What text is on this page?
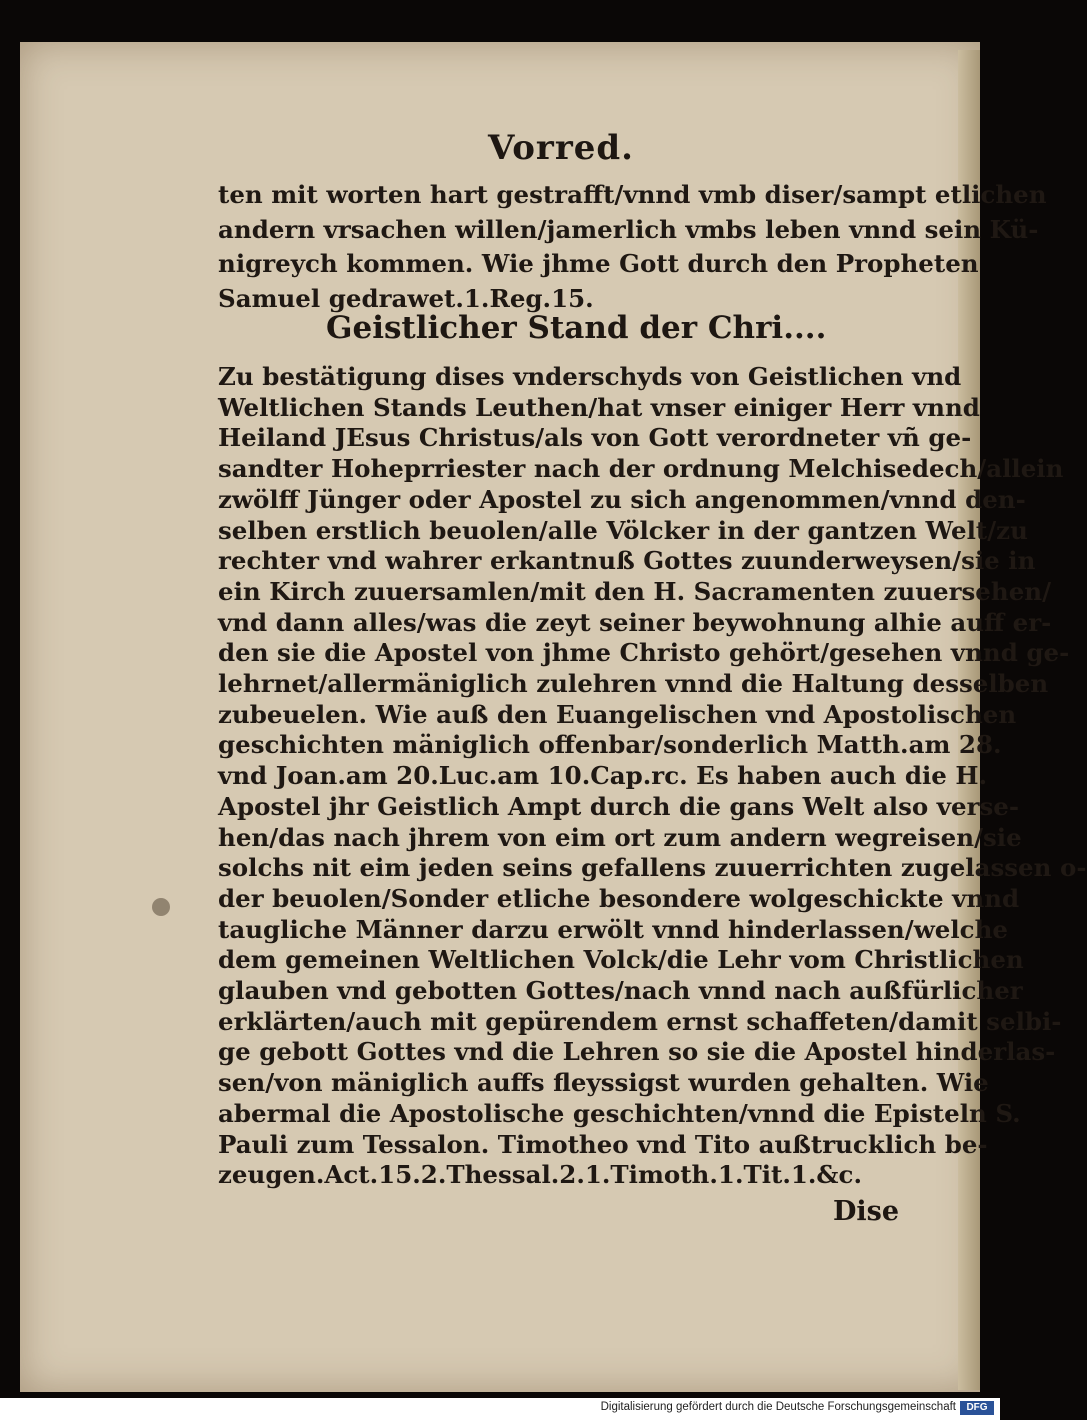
Vorred.
Geistlicher Stand der Chri....
Dise
ten mit worten hart gestrafft/vnnd vmb diser/sampt etlichen
andern vrsachen willen/jamerlich vmbs leben vnnd sein Kü-
nigreych kommen. Wie jhme Gott durch den Propheten
Samuel gedrawet.1.Reg.15.
Zu bestätigung dises vnderschyds von Geistlichen vnd
Weltlichen Stands Leuthen/hat vnser einiger Herr vnnd
Heiland JEsus Christus/als von Gott verordneter vñ ge-
sandter Hoheprriester nach der ordnung Melchisedech/allein
zwölff Jünger oder Apostel zu sich angenommen/vnnd den-
selben erstlich beuolen/alle Völcker in der gantzen Welt/zu
rechter vnd wahrer erkantnuß Gottes zuunderweysen/sie in
ein Kirch zuuersamlen/mit den H. Sacramenten zuuersehen/
vnd dann alles/was die zeyt seiner beywohnung alhie auff er-
den sie die Apostel von jhme Christo gehört/gesehen vnnd ge-
lehrnet/allermäniglich zulehren vnnd die Haltung desselben
zubeuelen. Wie auß den Euangelischen vnd Apostolischen
geschichten mäniglich offenbar/sonderlich Matth.am 28.
vnd Joan.am 20.Luc.am 10.Cap.rc. Es haben auch die H.
Apostel jhr Geistlich Ampt durch die gans Welt also verse-
hen/das nach jhrem von eim ort zum andern wegreisen/sie
solchs nit eim jeden seins gefallens zuuerrichten zugelassen o-
der beuolen/Sonder etliche besondere wolgeschickte vnnd
taugliche Männer darzu erwölt vnnd hinderlassen/welche
dem gemeinen Weltlichen Volck/die Lehr vom Christlichen
glauben vnd gebotten Gottes/nach vnnd nach außfürlicher
erklärten/auch mit gepürendem ernst schaffeten/damit selbi-
ge gebott Gottes vnd die Lehren so sie die Apostel hinderlas-
sen/von mäniglich auffs fleyssigst wurden gehalten. Wie
abermal die Apostolische geschichten/vnnd die Episteln S.
Pauli zum Tessalon. Timotheo vnd Tito außtrucklich be-
zeugen.Act.15.2.Thessal.2.1.Timoth.1.Tit.1.&c.
Digitalisierung gefördert durch die Deutsche Forschungsgemeinschaft	DFG
